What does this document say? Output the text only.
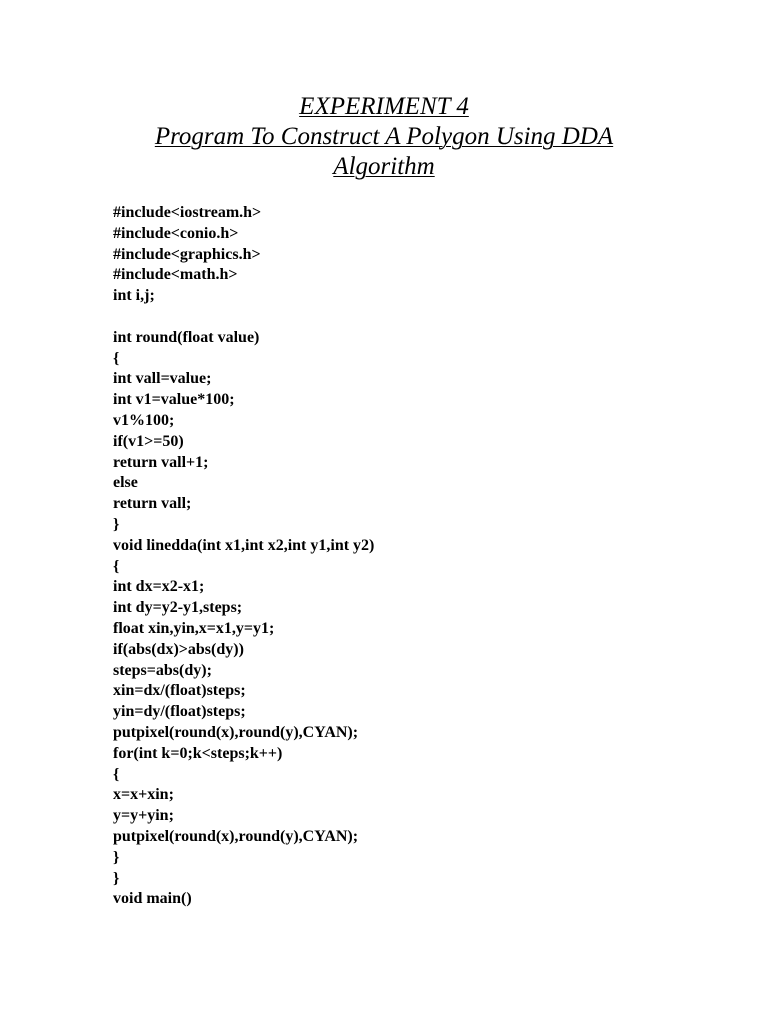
EXPERIMENT 4
Program To Construct A Polygon Using DDA
Algorithm
#include<iostream.h>
#include<conio.h>
#include<graphics.h>
#include<math.h>
int i,j;
int round(float value)
{
int vall=value;
int v1=value*100;
v1%100;
if(v1>=50)
return vall+1;
else
return vall;
}
void linedda(int x1,int x2,int y1,int y2)
{
int dx=x2-x1;
int dy=y2-y1,steps;
float xin,yin,x=x1,y=y1;
if(abs(dx)>abs(dy))
steps=abs(dy);
xin=dx/(float)steps;
yin=dy/(float)steps;
putpixel(round(x),round(y),CYAN);
for(int k=0;k<steps;k++)
{
x=x+xin;
y=y+yin;
putpixel(round(x),round(y),CYAN);
}
}
void main()
